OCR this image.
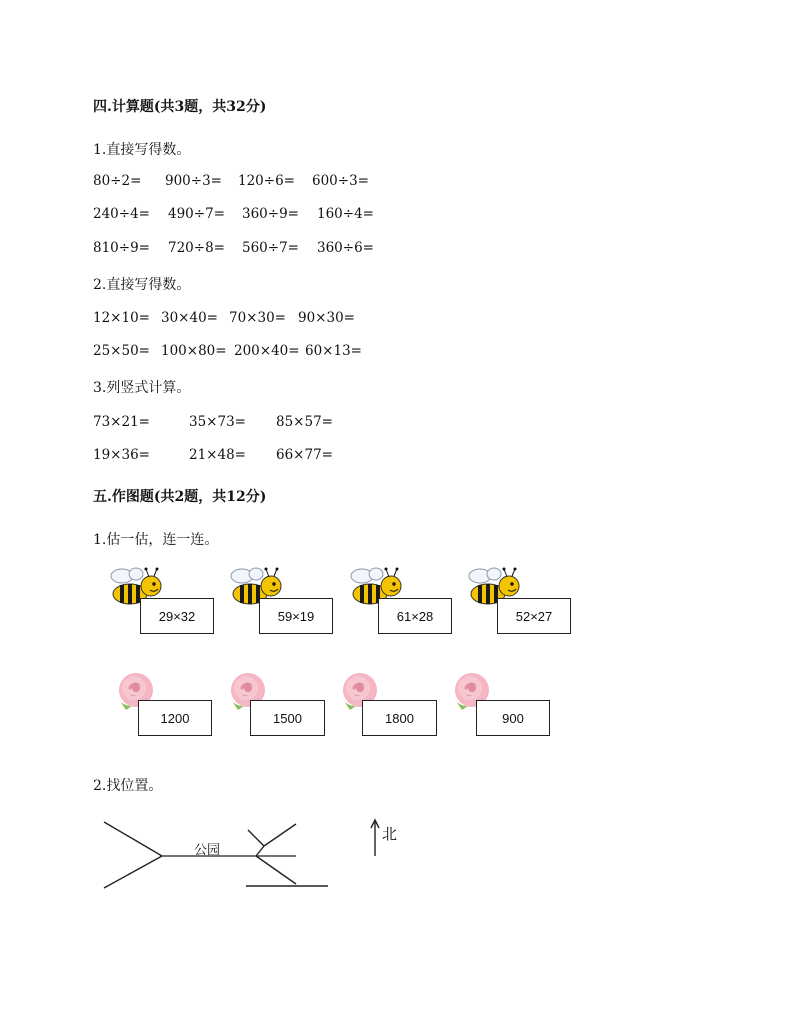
四.计算题(共3题，共32分)
1.直接写得数。
80÷2= 900÷3= 120÷6= 600÷3=
240÷4= 490÷7= 360÷9= 160÷4=
810÷9= 720÷8= 560÷7= 360÷6=
2.直接写得数。
12×10= 30×40= 70×30= 90×30=
25×50= 100×80= 200×40= 60×13=
3.列竖式计算。
73×21=	35×73= 85×57=
19×36=	21×48= 66×77=
五.作图题(共2题，共12分)
1.估一估，连一连。
29×32	59×19	61×28	52×27
1200	1500	1800	900
2.找位置。
公园
北
